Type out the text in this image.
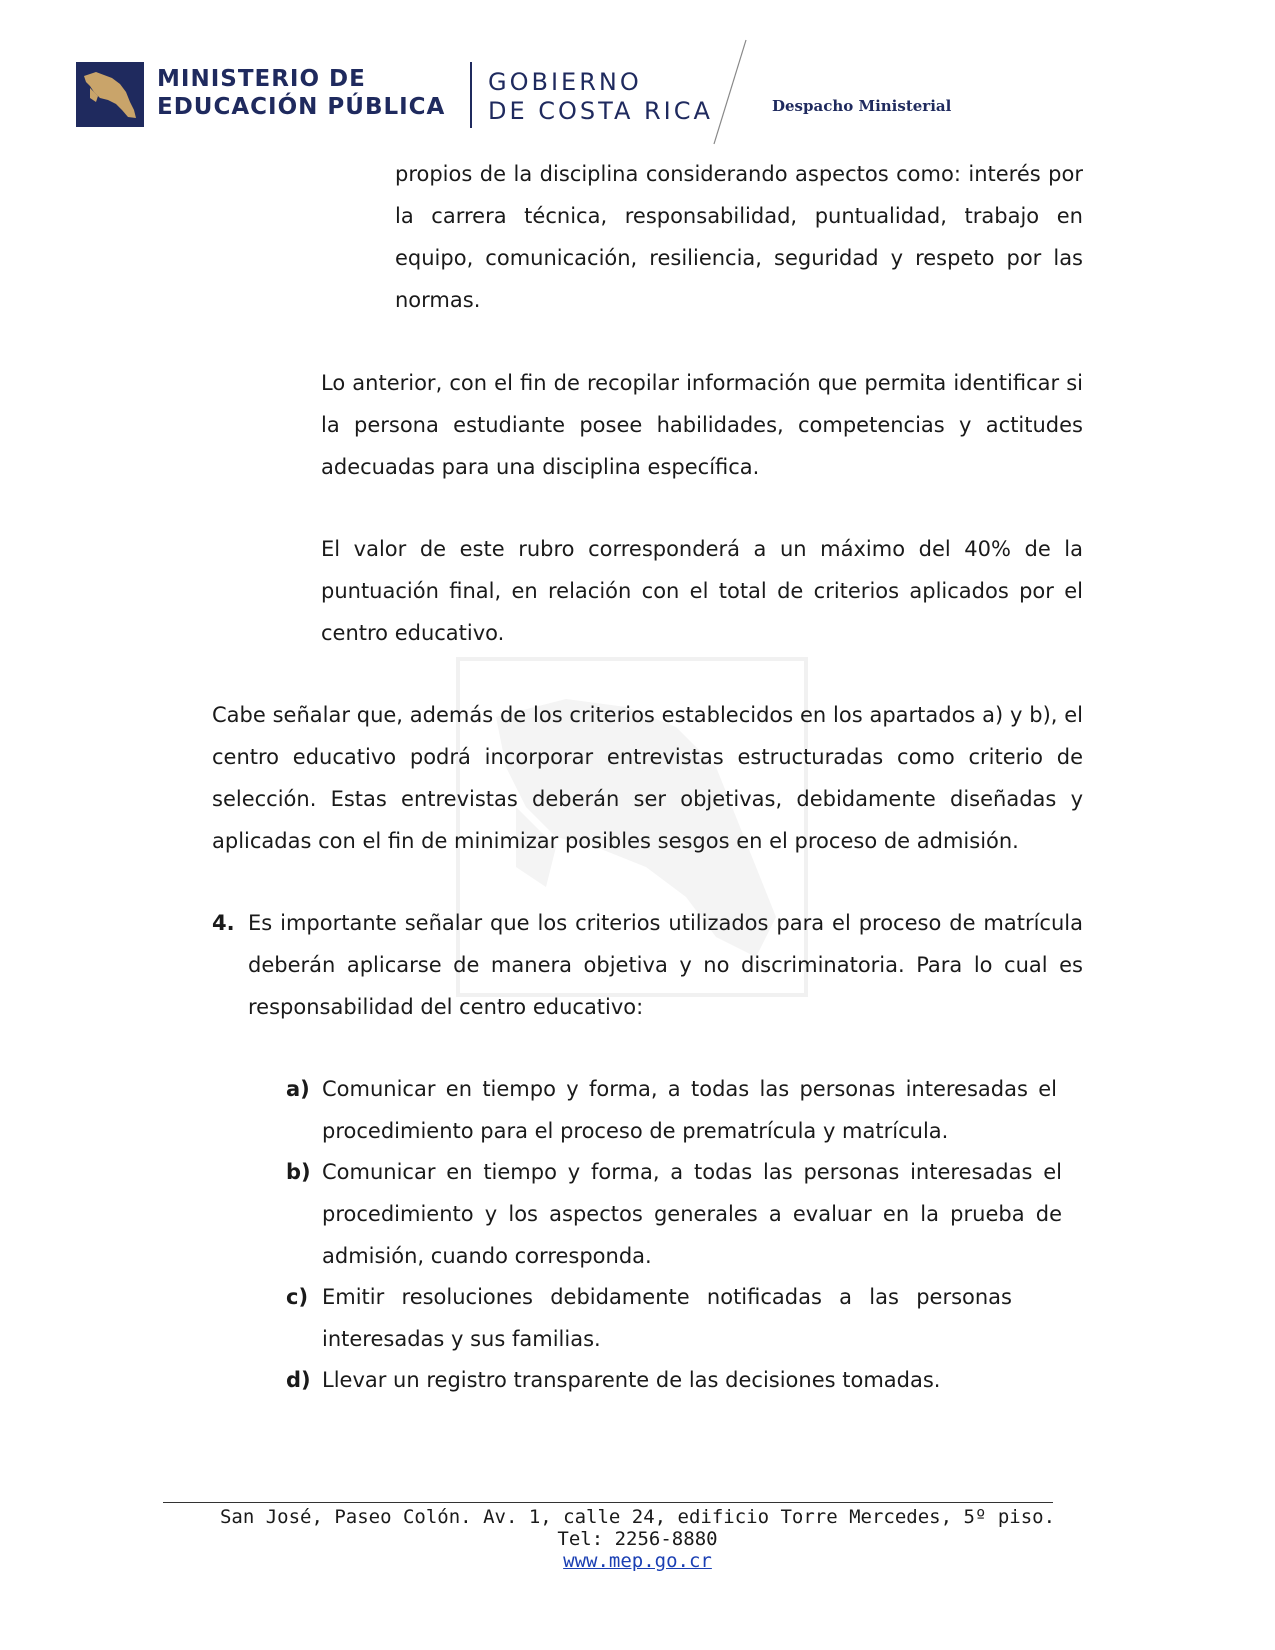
MINISTERIO DE
EDUCACIÓN PÚBLICA
GOBIERNO
DE COSTA RICA	Despacho Ministerial

propios de la disciplina considerando aspectos como: interés por la carrera técnica, responsabilidad, puntualidad, trabajo en equipo, comunicación, resiliencia, seguridad y respeto por las normas.

Lo anterior, con el fin de recopilar información que permita identificar si la persona estudiante posee habilidades, competencias y actitudes adecuadas para una disciplina específica.

El valor de este rubro corresponderá a un máximo del 40% de la puntuación final, en relación con el total de criterios aplicados por el centro educativo.

Cabe señalar que, además de los criterios establecidos en los apartados a) y b), el centro educativo podrá incorporar entrevistas estructuradas como criterio de selección. Estas entrevistas deberán ser objetivas, debidamente diseñadas y aplicadas con el fin de minimizar posibles sesgos en el proceso de admisión.

4. Es importante señalar que los criterios utilizados para el proceso de matrícula deberán aplicarse de manera objetiva y no discriminatoria. Para lo cual es responsabilidad del centro educativo:

a) Comunicar en tiempo y forma, a todas las personas interesadas el procedimiento para el proceso de prematrícula y matrícula.

b) Comunicar en tiempo y forma, a todas las personas interesadas el procedimiento y los aspectos generales a evaluar en la prueba de admisión, cuando corresponda.

c) Emitir resoluciones debidamente notificadas a las personas interesadas y sus familias.

d) Llevar un registro transparente de las decisiones tomadas.

San José, Paseo Colón. Av. 1, calle 24, edificio Torre Mercedes, 5º piso.
Tel: 2256-8880
www.mep.go.cr
